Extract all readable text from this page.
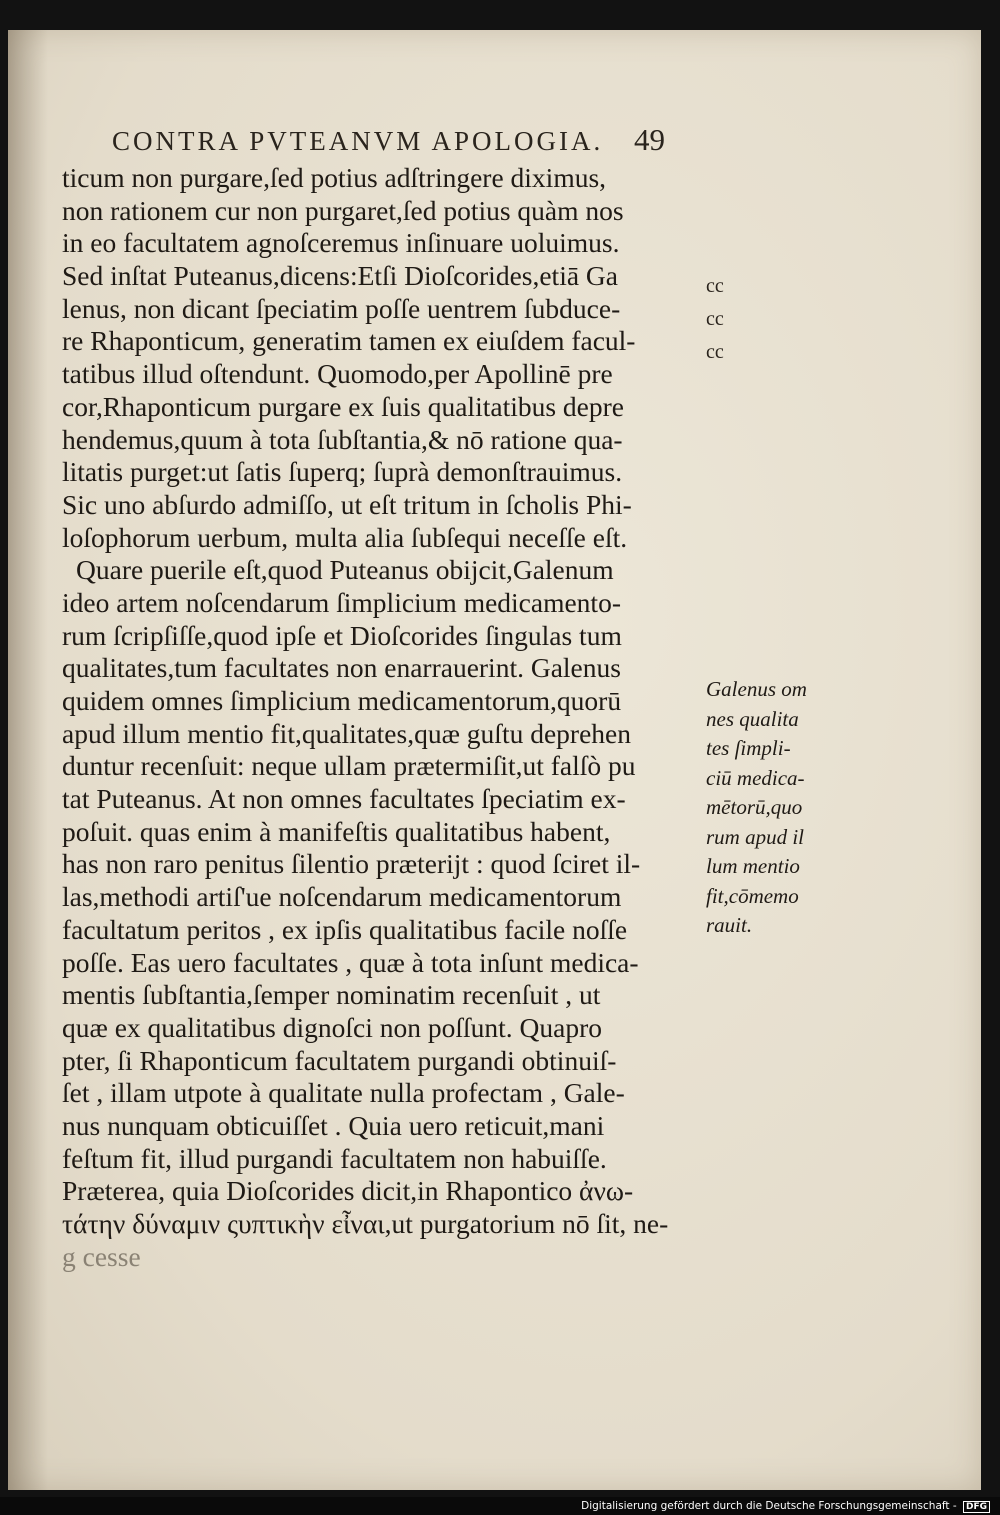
CONTRA PVTEANVM APOLOGIA. 49
ticum non purgare,ſed potius adſtringere diximus,
non rationem cur non purgaret,ſed potius quàm nos
in eo facultatem agnoſceremus inſinuare uoluimus.
Sed inſtat Puteanus,dicens:Etſi Dioſcorides,etiā Ga
lenus, non dicant ſpeciatim poſſe uentrem ſubduce-
re Rhaponticum, generatim tamen ex eiuſdem facul-
tatibus illud oſtendunt. Quomodo,per Apollinē pre
cor,Rhaponticum purgare ex ſuis qualitatibus depre
hendemus,quum à tota ſubſtantia,& nō ratione qua-
litatis purget:ut ſatis ſuperq; ſuprà demonſtrauimus.
Sic uno abſurdo admiſſo, ut eſt tritum in ſcholis Phi-
loſophorum uerbum, multa alia ſubſequi neceſſe eſt.
Quare puerile eſt,quod Puteanus obijcit,Galenum
ideo artem noſcendarum ſimplicium medicamento-
rum ſcripſiſſe,quod ipſe et Dioſcorides ſingulas tum
qualitates,tum facultates non enarrauerint. Galenus
quidem omnes ſimplicium medicamentorum,quorū
apud illum mentio fit,qualitates,quæ guſtu deprehen
duntur recenſuit: neque ullam prætermiſit,ut falſò pu
tat Puteanus. At non omnes facultates ſpeciatim ex-
poſuit. quas enim à manifeſtis qualitatibus habent,
has non raro penitus ſilentio præterijt : quod ſciret il-
las,methodi artiſ'ue noſcendarum medicamentorum
facultatum peritos , ex ipſis qualitatibus facile noſſe
poſſe. Eas uero facultates , quæ à tota inſunt medica-
mentis ſubſtantia,ſemper nominatim recenſuit , ut
quæ ex qualitatibus dignoſci non poſſunt. Quapro
pter, ſi Rhaponticum facultatem purgandi obtinuiſ-
ſet , illam utpote à qualitate nulla profectam , Gale-
nus nunquam obticuiſſet . Quia uero reticuit,mani
feſtum fit, illud purgandi facultatem non habuiſſe.
Præterea, quia Dioſcorides dicit,in Rhapontico ἀνω-
τάτην δύναμιν ςυπτικὴν εἶναι,ut purgatorium nō ſit, ne-
g cesse
cc
cc
cc
Galenus om
nes qualita
tes ſimpli-
ciū medica-
mētorū,quo
rum apud il
lum mentio
fit,cōmemo
rauit.
Digitalisierung gefördert durch die Deutsche Forschungsgemeinschaft - DFG
